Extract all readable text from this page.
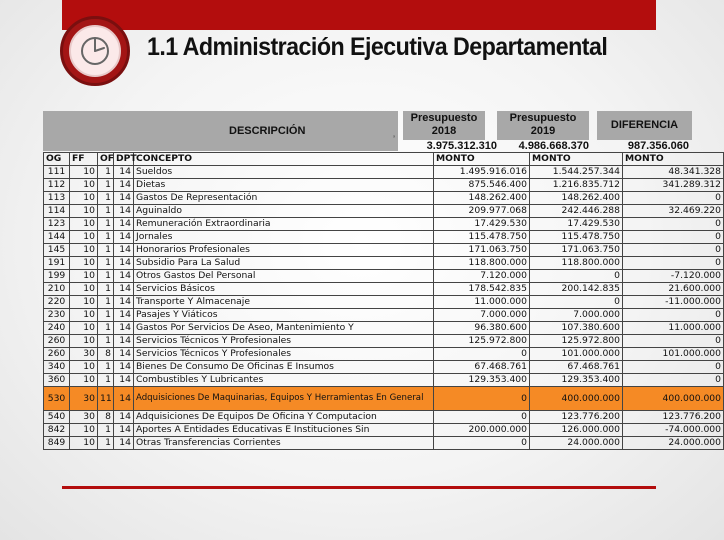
1.1 Administración Ejecutiva Departamental
DESCRIPCIÓN
’
Presupuesto 2018
Presupuesto 2019	DIFERENCIA
3.975.312.310	4.986.668.370	987.356.060
OG	FF	OF	DPT	CONCEPTO	MONTO	MONTO	MONTO
111	10	1	14	Sueldos	1.495.916.016	1.544.257.344	48.341.328
112	10	1	14	Dietas	875.546.400	1.216.835.712	341.289.312
113	10	1	14	Gastos De Representación	148.262.400	148.262.400	0
114	10	1	14	Aguinaldo	209.977.068	242.446.288	32.469.220
123	10	1	14	Remuneración Extraordinaria	17.429.530	17.429.530	0
144	10	1	14	Jornales	115.478.750	115.478.750	0
145	10	1	14	Honorarios Profesionales	171.063.750	171.063.750	0
191	10	1	14	Subsidio Para La Salud	118.800.000	118.800.000	0
199	10	1	14	Otros Gastos Del Personal	7.120.000	0	-7.120.000
210	10	1	14	Servicios Básicos	178.542.835	200.142.835	21.600.000
220	10	1	14	Transporte Y Almacenaje	11.000.000	0	-11.000.000
230	10	1	14	Pasajes Y Viáticos	7.000.000	7.000.000	0
240	10	1	14	Gastos Por Servicios De Aseo, Mantenimiento Y	96.380.600	107.380.600	11.000.000
260	10	1	14	Servicios Técnicos Y Profesionales	125.972.800	125.972.800	0
260	30	8	14	Servicios Técnicos Y Profesionales	0	101.000.000	101.000.000
340	10	1	14	Bienes De Consumo De Oficinas E Insumos	67.468.761	67.468.761	0
360	10	1	14	Combustibles Y Lubricantes	129.353.400	129.353.400	0
530	30	11	14	Adquisiciones De Maquinarias, Equipos Y Herramientas En General	0	400.000.000	400.000.000
540	30	8	14	Adquisiciones De Equipos De Oficina Y Computacion	0	123.776.200	123.776.200
842	10	1	14	Aportes A Entidades Educativas E Instituciones Sin	200.000.000	126.000.000	-74.000.000
849	10	1	14	Otras Transferencias Corrientes	0	24.000.000	24.000.000
